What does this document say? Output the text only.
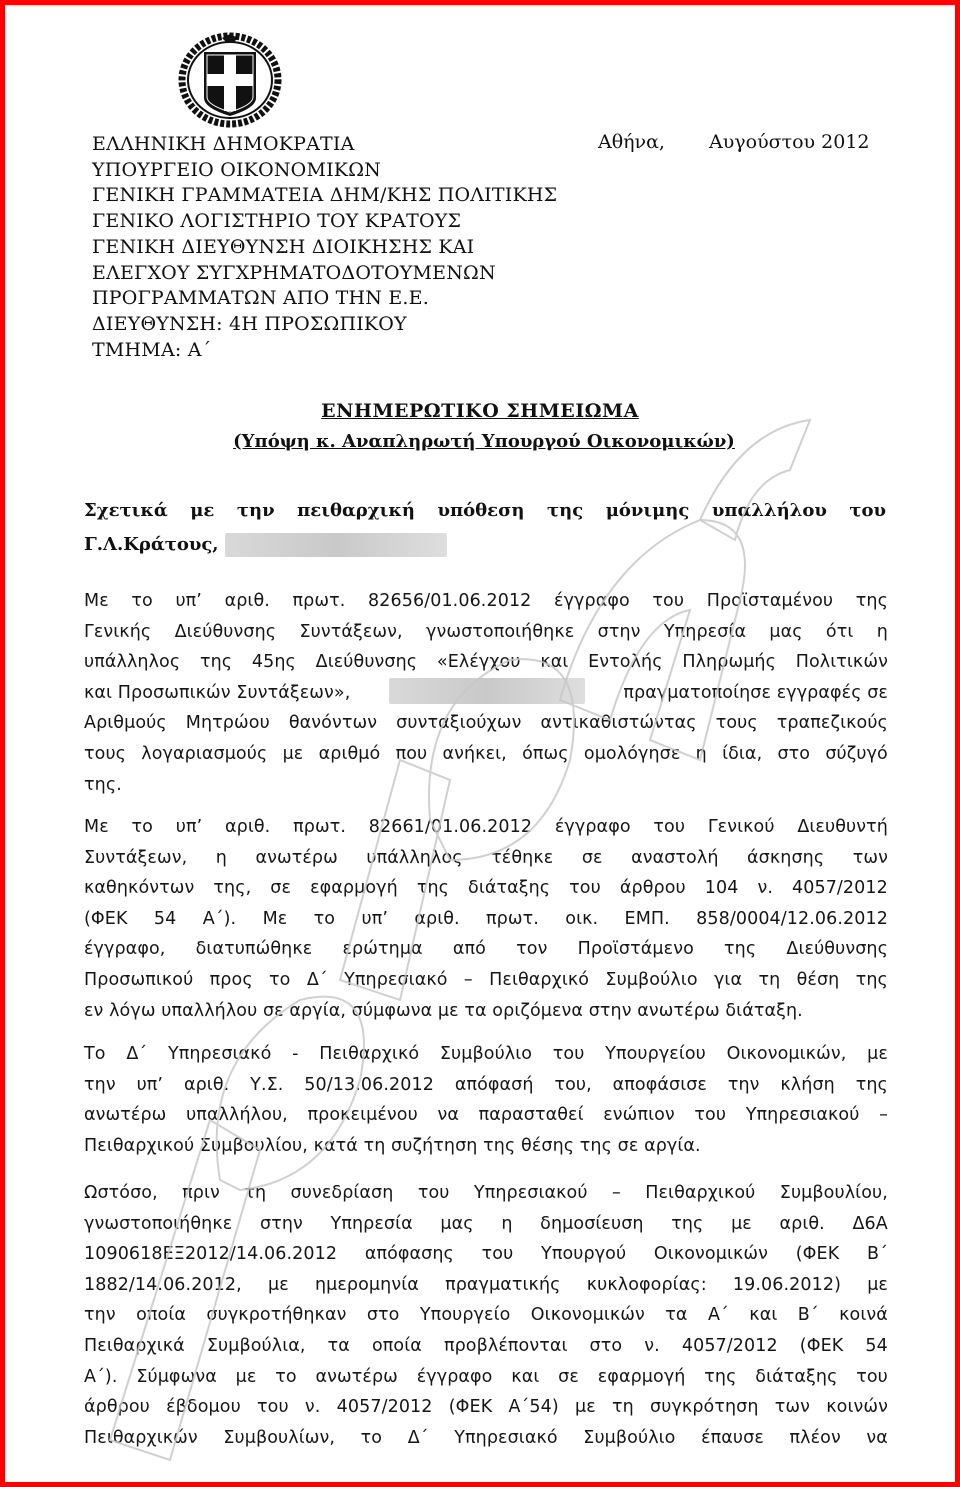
ΕΛΛΗΝΙΚΗ ΔΗΜΟΚΡΑΤΙΑ
ΥΠΟΥΡΓΕΙΟ ΟΙΚΟΝΟΜΙΚΩΝ
ΓΕΝΙΚΗ ΓΡΑΜΜΑΤΕΙΑ ΔΗΜ/ΚΗΣ ΠΟΛΙΤΙΚΗΣ
ΓΕΝΙΚΟ ΛΟΓΙΣΤΗΡΙΟ ΤΟΥ ΚΡΑΤΟΥΣ
ΓΕΝΙΚΗ ΔΙΕΥΘΥΝΣΗ ΔΙΟΙΚΗΣΗΣ ΚΑΙ
ΕΛΕΓΧΟΥ ΣΥΓΧΡΗΜΑΤΟΔΟΤΟΥΜΕΝΩΝ
ΠΡΟΓΡΑΜΜΑΤΩΝ ΑΠΟ ΤΗΝ Ε.Ε.
ΔΙΕΥΘΥΝΣΗ: 4Η ΠΡΟΣΩΠΙΚΟΥ
ΤΜΗΜΑ: Α΄
Αθήνα, Αυγούστου 2012
ΕΝΗΜΕΡΩΤΙΚΟ ΣΗΜΕΙΩΜΑ
(Υπόψη κ. Αναπληρωτή Υπουργού Οικονομικών)
Σχετικά με την πειθαρχική υπόθεση της μόνιμης υπαλλήλου του
Γ.Λ.Κράτους,
Με το υπ’ αριθ. πρωτ. 82656/01.06.2012 έγγραφο του Προϊσταμένου της
Γενικής Διεύθυνσης Συντάξεων, γνωστοποιήθηκε στην Υπηρεσία μας ότι η
υπάλληλος της 45ης Διεύθυνσης «Ελέγχου και Εντολής Πληρωμής Πολιτικών
και Προσωπικών Συντάξεων»,	πραγματοποίησε εγγραφές σε
Αριθμούς Μητρώου θανόντων συνταξιούχων αντικαθιστώντας τους τραπεζικούς
τους λογαριασμούς με αριθμό που ανήκει, όπως ομολόγησε η ίδια, στο σύζυγό
της.
Με το υπ’ αριθ. πρωτ. 82661/01.06.2012 έγγραφο του Γενικού Διευθυντή
Συντάξεων, η ανωτέρω υπάλληλος τέθηκε σε αναστολή άσκησης των
καθηκόντων της, σε εφαρμογή της διάταξης του άρθρου 104 ν. 4057/2012
(ΦΕΚ 54 Α΄). Με το υπ’ αριθ. πρωτ. οικ. ΕΜΠ. 858/0004/12.06.2012
έγγραφο, διατυπώθηκε ερώτημα από τον Προϊστάμενο της Διεύθυνσης
Προσωπικού προς το Δ΄ Υπηρεσιακό – Πειθαρχικό Συμβούλιο για τη θέση της
εν λόγω υπαλλήλου σε αργία, σύμφωνα με τα οριζόμενα στην ανωτέρω διάταξη.
Το Δ΄ Υπηρεσιακό - Πειθαρχικό Συμβούλιο του Υπουργείου Οικονομικών, με
την υπ’ αριθ. Υ.Σ. 50/13.06.2012 απόφασή του, αποφάσισε την κλήση της
ανωτέρω υπαλλήλου, προκειμένου να παρασταθεί ενώπιον του Υπηρεσιακού –
Πειθαρχικού Συμβουλίου, κατά τη συζήτηση της θέσης της σε αργία.
Ωστόσο, πριν τη συνεδρίαση του Υπηρεσιακού – Πειθαρχικού Συμβουλίου,
γνωστοποιήθηκε στην Υπηρεσία μας η δημοσίευση της με αριθ. Δ6Α
1090618ΕΞ2012/14.06.2012 απόφασης του Υπουργού Οικονομικών (ΦΕΚ Β΄
1882/14.06.2012, με ημερομηνία πραγματικής κυκλοφορίας: 19.06.2012) με
την οποία συγκροτήθηκαν στο Υπουργείο Οικονομικών τα Α΄ και Β΄ κοινά
Πειθαρχικά Συμβούλια, τα οποία προβλέπονται στο ν. 4057/2012 (ΦΕΚ 54
Α΄). Σύμφωνα με το ανωτέρω έγγραφο και σε εφαρμογή της διάταξης του
άρθρου έβδομου του ν. 4057/2012 (ΦΕΚ Α΄54) με τη συγκρότηση των κοινών
Πειθαρχικών Συμβουλίων, το Δ΄ Υπηρεσιακό Συμβούλιο έπαυσε πλέον να
